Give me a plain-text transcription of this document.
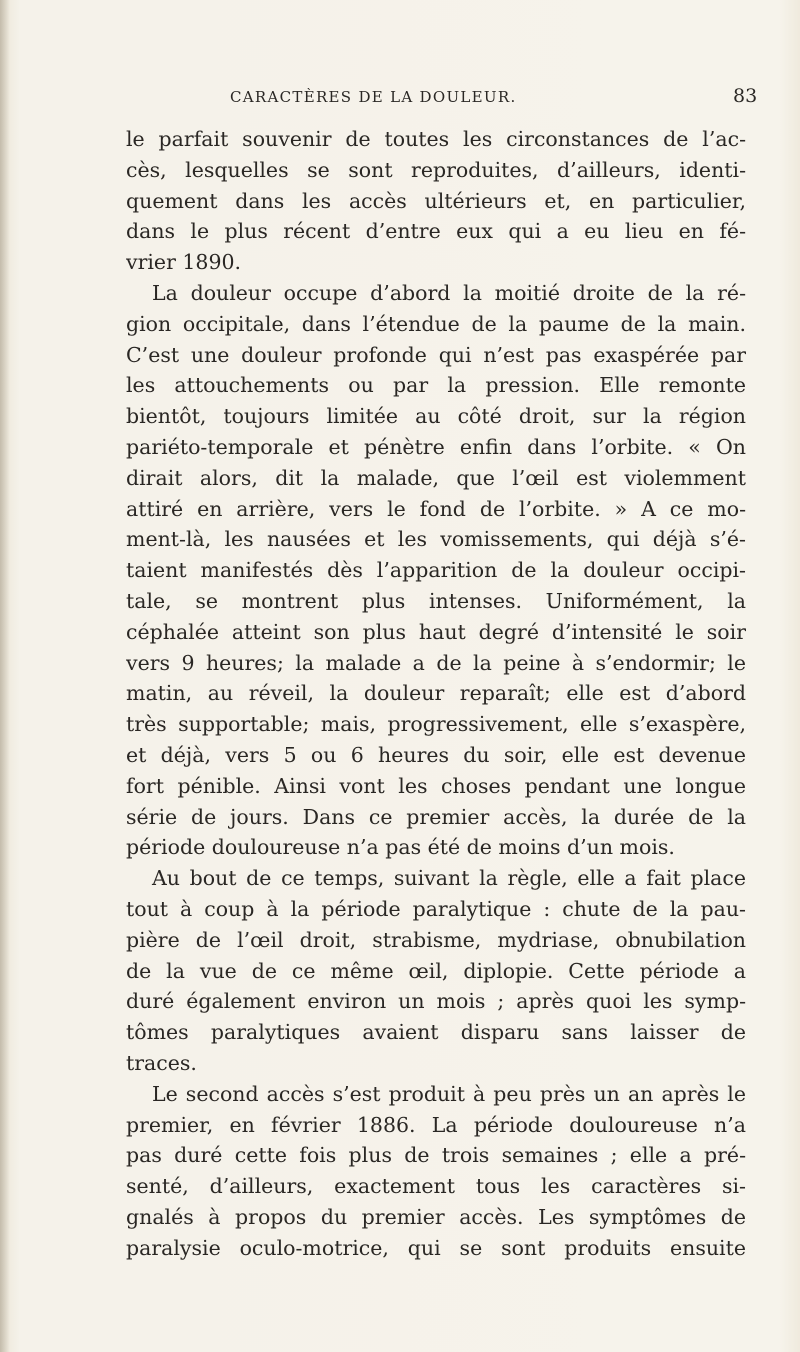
CARACTÈRES DE LA DOULEUR.	83
le parfait souvenir de toutes les circonstances de l’ac-
cès, lesquelles se sont reproduites, d’ailleurs, identi-
quement dans les accès ultérieurs et, en particulier,
dans le plus récent d’entre eux qui a eu lieu en fé-
vrier 1890.
La douleur occupe d’abord la moitié droite de la ré-
gion occipitale, dans l’étendue de la paume de la main.
C’est une douleur profonde qui n’est pas exaspérée par
les attouchements ou par la pression. Elle remonte
bientôt, toujours limitée au côté droit, sur la région
pariéto-temporale et pénètre enfin dans l’orbite. « On
dirait alors, dit la malade, que l’œil est violemment
attiré en arrière, vers le fond de l’orbite. » A ce mo-
ment-là, les nausées et les vomissements, qui déjà s’é-
taient manifestés dès l’apparition de la douleur occipi-
tale, se montrent plus intenses. Uniformément, la
céphalée atteint son plus haut degré d’intensité le soir
vers 9 heures; la malade a de la peine à s’endormir; le
matin, au réveil, la douleur reparaît; elle est d’abord
très supportable; mais, progressivement, elle s’exaspère,
et déjà, vers 5 ou 6 heures du soir, elle est devenue
fort pénible. Ainsi vont les choses pendant une longue
série de jours. Dans ce premier accès, la durée de la
période douloureuse n’a pas été de moins d’un mois.
Au bout de ce temps, suivant la règle, elle a fait place
tout à coup à la période paralytique : chute de la pau-
pière de l’œil droit, strabisme, mydriase, obnubilation
de la vue de ce même œil, diplopie. Cette période a
duré également environ un mois ; après quoi les symp-
tômes paralytiques avaient disparu sans laisser de
traces.
Le second accès s’est produit à peu près un an après le
premier, en février 1886. La période douloureuse n’a
pas duré cette fois plus de trois semaines ; elle a pré-
senté, d’ailleurs, exactement tous les caractères si-
gnalés à propos du premier accès. Les symptômes de
paralysie oculo-motrice, qui se sont produits ensuite
